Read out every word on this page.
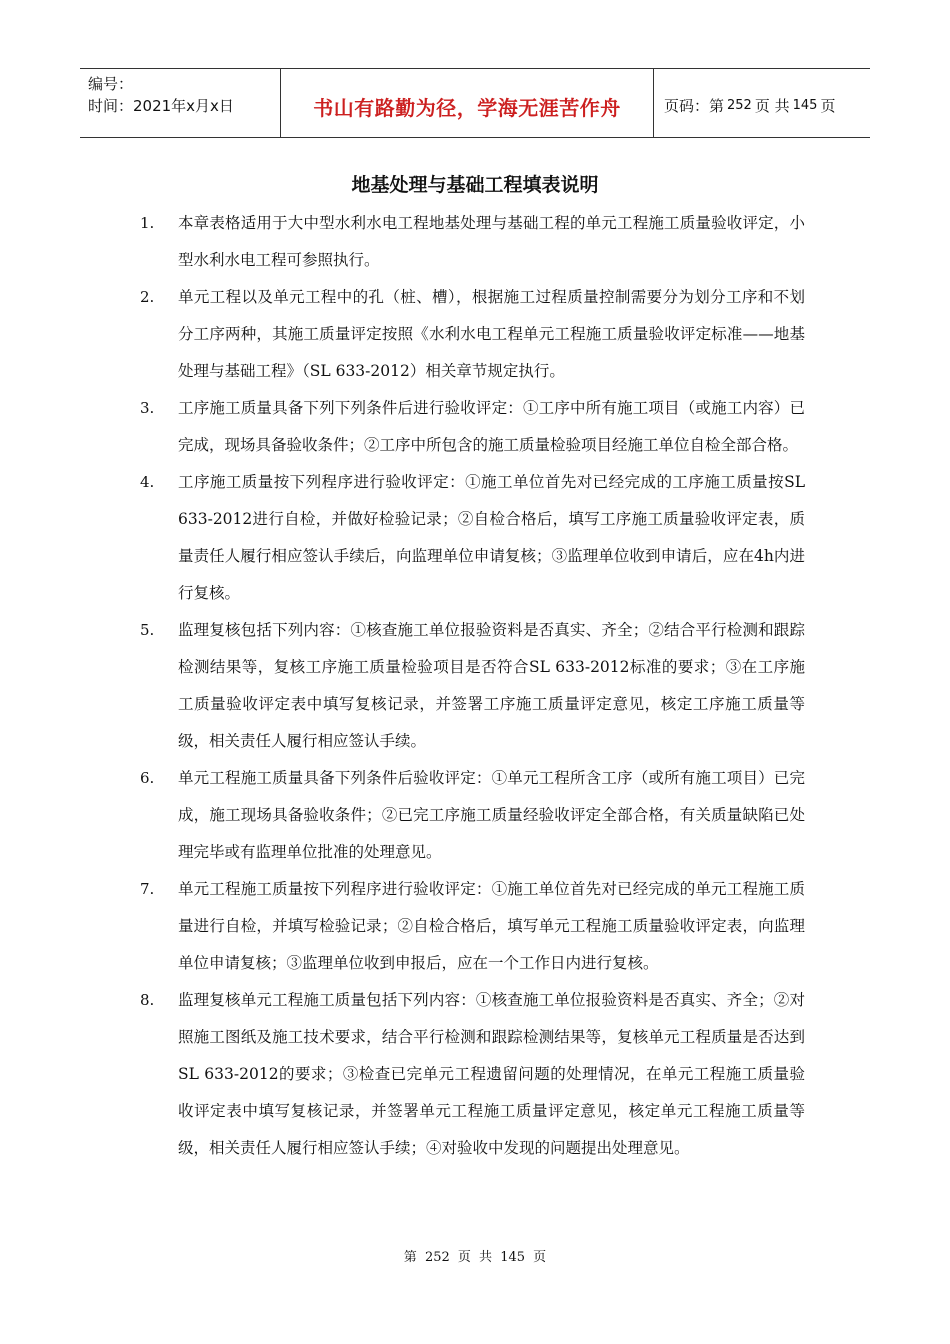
编号：
时间：2021年x月x日	书山有路勤为径，学海无涯苦作舟	页码：第 252 页 共 145 页
地基处理与基础工程填表说明
1. 本章表格适用于大中型水利水电工程地基处理与基础工程的单元工程施工质量验收评定，小型水利水电工程可参照执行。
2. 单元工程以及单元工程中的孔（桩、槽），根据施工过程质量控制需要分为划分工序和不划分工序两种，其施工质量评定按照《水利水电工程单元工程施工质量验收评定标准——地基处理与基础工程》（SL 633-2012）相关章节规定执行。
3. 工序施工质量具备下列下列条件后进行验收评定：①工序中所有施工项目（或施工内容）已完成，现场具备验收条件；②工序中所包含的施工质量检验项目经施工单位自检全部合格。
4. 工序施工质量按下列程序进行验收评定：①施工单位首先对已经完成的工序施工质量按SL 633-2012进行自检，并做好检验记录；②自检合格后，填写工序施工质量验收评定表，质量责任人履行相应签认手续后，向监理单位申请复核；③监理单位收到申请后，应在4h内进行复核。
5. 监理复核包括下列内容：①核查施工单位报验资料是否真实、齐全；②结合平行检测和跟踪检测结果等，复核工序施工质量检验项目是否符合SL 633-2012标准的要求；③在工序施工质量验收评定表中填写复核记录，并签署工序施工质量评定意见，核定工序施工质量等级，相关责任人履行相应签认手续。
6. 单元工程施工质量具备下列条件后验收评定：①单元工程所含工序（或所有施工项目）已完成，施工现场具备验收条件；②已完工序施工质量经验收评定全部合格，有关质量缺陷已处理完毕或有监理单位批准的处理意见。
7. 单元工程施工质量按下列程序进行验收评定：①施工单位首先对已经完成的单元工程施工质量进行自检，并填写检验记录；②自检合格后，填写单元工程施工质量验收评定表，向监理单位申请复核；③监理单位收到申报后，应在一个工作日内进行复核。
8. 监理复核单元工程施工质量包括下列内容：①核查施工单位报验资料是否真实、齐全；②对照施工图纸及施工技术要求，结合平行检测和跟踪检测结果等，复核单元工程质量是否达到SL 633-2012的要求；③检查已完单元工程遗留问题的处理情况，在单元工程施工质量验收评定表中填写复核记录，并签署单元工程施工质量评定意见，核定单元工程施工质量等级，相关责任人履行相应签认手续；④对验收中发现的问题提出处理意见。
第 252 页 共 145 页
